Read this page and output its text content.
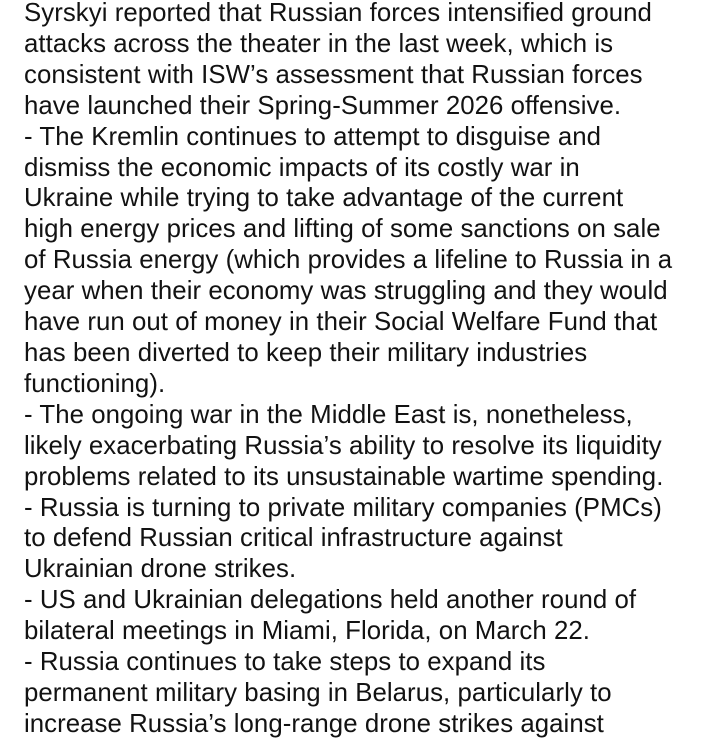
Syrskyi reported that Russian forces intensified ground
attacks across the theater in the last week, which is
consistent with ISW’s assessment that Russian forces
have launched their Spring-Summer 2026 offensive.
- The Kremlin continues to attempt to disguise and
dismiss the economic impacts of its costly war in
Ukraine while trying to take advantage of the current
high energy prices and lifting of some sanctions on sale
of Russia energy (which provides a lifeline to Russia in a
year when their economy was struggling and they would
have run out of money in their Social Welfare Fund that
has been diverted to keep their military industries
functioning).
- The ongoing war in the Middle East is, nonetheless,
likely exacerbating Russia’s ability to resolve its liquidity
problems related to its unsustainable wartime spending.
- Russia is turning to private military companies (PMCs)
to defend Russian critical infrastructure against
Ukrainian drone strikes.
- US and Ukrainian delegations held another round of
bilateral meetings in Miami, Florida, on March 22.
- Russia continues to take steps to expand its
permanent military basing in Belarus, particularly to
increase Russia’s long-range drone strikes against
